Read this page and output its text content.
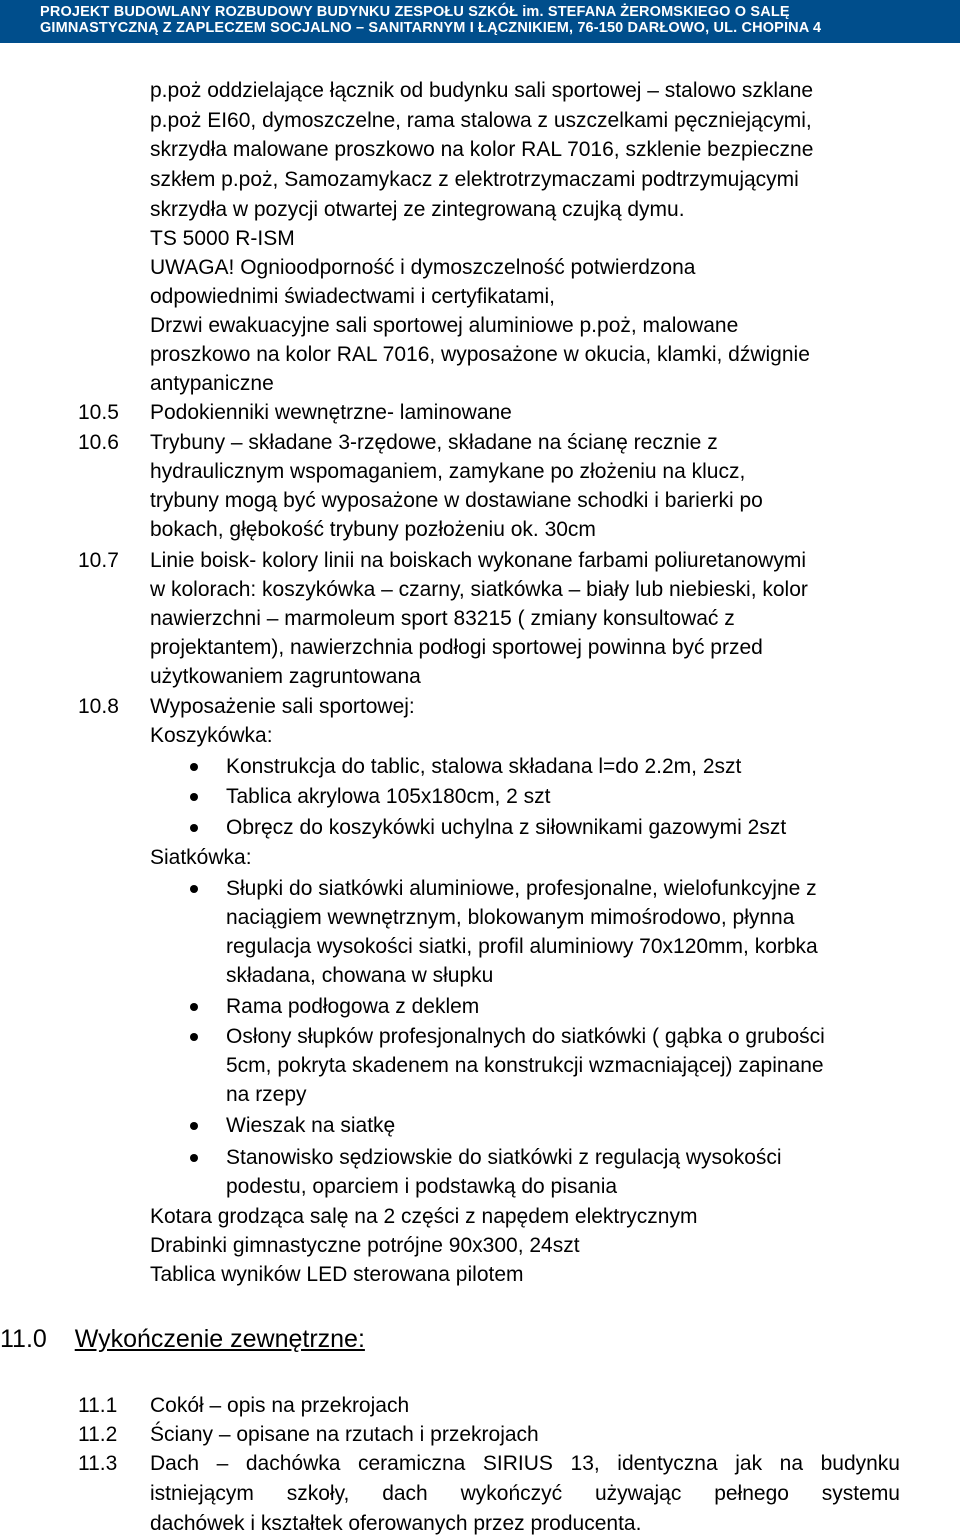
PROJEKT BUDOWLANY ROZBUDOWY BUDYNKU ZESPOŁU SZKÓŁ im. STEFANA ŻEROMSKIEGO O SALĘ
GIMNASTYCZNĄ Z ZAPLECZEM SOCJALNO – SANITARNYM I ŁĄCZNIKIEM, 76-150 DARŁOWO, UL. CHOPINA 4
p.poż oddzielające łącznik od budynku sali sportowej – stalowo szklane
p.poż EI60, dymoszczelne, rama stalowa z uszczelkami pęczniejącymi,
skrzydła malowane proszkowo na kolor RAL 7016, szklenie bezpieczne
szkłem p.poż, Samozamykacz z elektrotrzymaczami podtrzymującymi
skrzydła w pozycji otwartej ze zintegrowaną czujką dymu.
TS 5000 R-ISM
UWAGA! Ognioodporność i dymoszczelność potwierdzona
odpowiednimi świadectwami i certyfikatami,
Drzwi ewakuacyjne sali sportowej aluminiowe p.poż, malowane
proszkowo na kolor RAL 7016, wyposażone w okucia, klamki, dźwignie
antypaniczne
10.5 Podokienniki wewnętrzne- laminowane
10.6 Trybuny – składane 3-rzędowe, składane na ścianę recznie z
hydraulicznym wspomaganiem, zamykane po złożeniu na klucz,
trybuny mogą być wyposażone w dostawiane schodki i barierki po
bokach, głębokość trybuny pozłożeniu ok. 30cm
10.7 Linie boisk- kolory linii na boiskach wykonane farbami poliuretanowymi
w kolorach: koszykówka – czarny, siatkówka – biały lub niebieski, kolor
nawierzchni – marmoleum sport 83215 ( zmiany konsultować z
projektantem), nawierzchnia podłogi sportowej powinna być przed
użytkowaniem zagruntowana
10.8 Wyposażenie sali sportowej:
Koszykówka:
Konstrukcja do tablic, stalowa składana l=do 2.2m, 2szt
Tablica akrylowa 105x180cm, 2 szt
Obręcz do koszykówki uchylna z siłownikami gazowymi 2szt
Siatkówka:
Słupki do siatkówki aluminiowe, profesjonalne, wielofunkcyjne z
naciągiem wewnętrznym, blokowanym mimośrodowo, płynna
regulacja wysokości siatki, profil aluminiowy 70x120mm, korbka
składana, chowana w słupku
Rama podłogowa z deklem
Osłony słupków profesjonalnych do siatkówki ( gąbka o grubości
5cm, pokryta skadenem na konstrukcji wzmacniającej) zapinane
na rzepy
Wieszak na siatkę
Stanowisko sędziowskie do siatkówki z regulacją wysokości
podestu, oparciem i podstawką do pisania
Kotara grodząca salę na 2 części z napędem elektrycznym
Drabinki gimnastyczne potrójne 90x300, 24szt
Tablica wyników LED sterowana pilotem
11.0 Wykończenie zewnętrzne:
11.1 Cokół – opis na przekrojach
11.2 Ściany – opisane na rzutach i przekrojach
11.3 Dach – dachówka ceramiczna SIRIUS 13, identyczna jak na budynku
istniejącym szkoły, dach wykończyć używając pełnego systemu
dachówek i kształtek oferowanych przez producenta.
